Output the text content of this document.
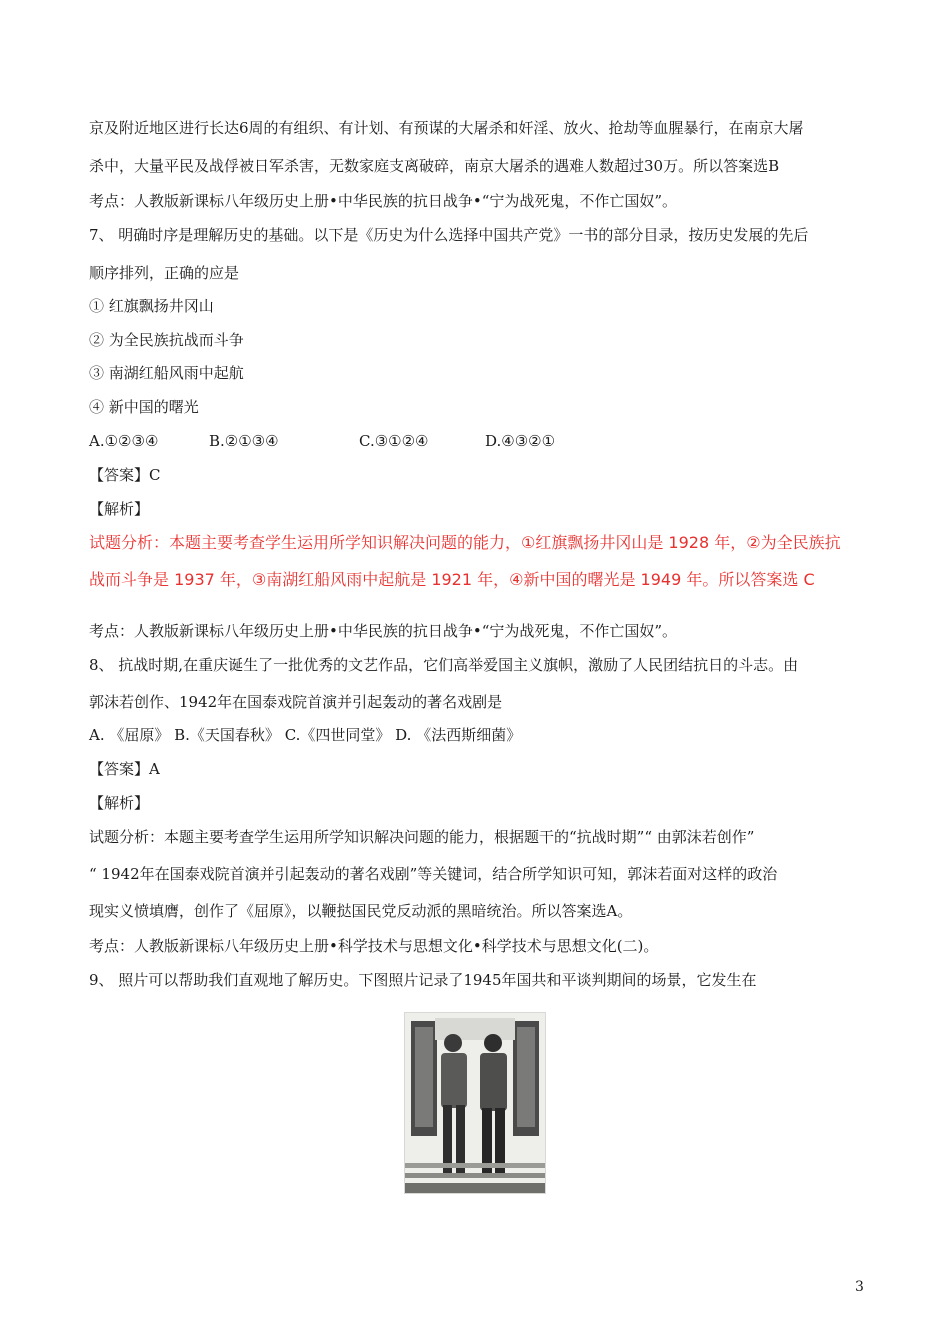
京及附近地区进行长达6周的有组织、有计划、有预谋的大屠杀和奸淫、放火、抢劫等血腥暴行，在南京大屠
杀中，大量平民及战俘被日军杀害，无数家庭支离破碎，南京大屠杀的遇难人数超过30万。所以答案选B
考点：人教版新课标八年级历史上册•中华民族的抗日战争•“宁为战死鬼，不作亡国奴”。
7、 明确时序是理解历史的基础。以下是《历史为什么选择中国共产党》一书的部分目录，按历史发展的先后
顺序排列，正确的应是
① 红旗飘扬井冈山
② 为全民族抗战而斗争
③ 南湖红船风雨中起航
④ 新中国的曙光
A.①②③④	B.②①③④	C.③①②④	D.④③②①
【答案】C
【解析】
试题分析：本题主要考查学生运用所学知识解决问题的能力，①红旗飘扬井冈山是 1928 年，②为全民族抗
战而斗争是 1937 年，③南湖红船风雨中起航是 1921 年，④新中国的曙光是 1949 年。所以答案选 C
考点：人教版新课标八年级历史上册•中华民族的抗日战争•“宁为战死鬼，不作亡国奴”。
8、 抗战时期,在重庆诞生了一批优秀的文艺作品，它们高举爱国主义旗帜，激励了人民团结抗日的斗志。由
郭沫若创作、1942年在国泰戏院首演并引起轰动的著名戏剧是
A. 《屈原》 B.《天国春秋》 C.《四世同堂》 D. 《法西斯细菌》
【答案】A
【解析】
试题分析：本题主要考查学生运用所学知识解决问题的能力，根据题干的“抗战时期”“ 由郭沫若创作”
“ 1942年在国泰戏院首演并引起轰动的著名戏剧”等关键词，结合所学知识可知，郭沫若面对这样的政治
现实义愤填膺，创作了《屈原》，以鞭挞国民党反动派的黑暗统治。所以答案选A。
考点：人教版新课标八年级历史上册•科学技术与思想文化•科学技术与思想文化(二)。
9、 照片可以帮助我们直观地了解历史。下图照片记录了1945年国共和平谈判期间的场景，它发生在
3
